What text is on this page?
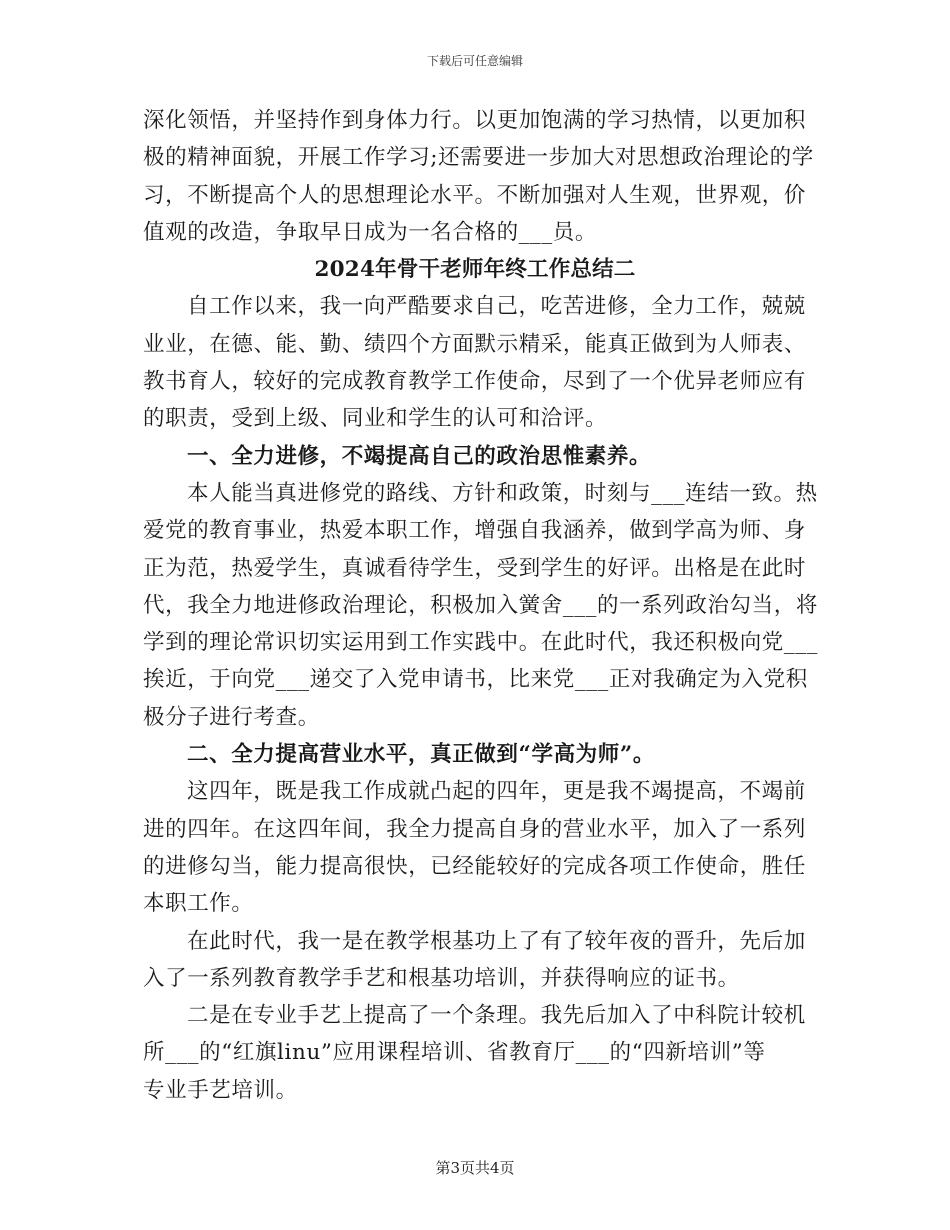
下载后可任意编辑
深化领悟，并坚持作到身体力行。以更加饱满的学习热情，以更加积
极的精神面貌，开展工作学习;还需要进一步加大对思想政治理论的学
习，不断提高个人的思想理论水平。不断加强对人生观，世界观，价
值观的改造，争取早日成为一名合格的___员。
2024年骨干老师年终工作总结二
自工作以来，我一向严酷要求自己，吃苦进修，全力工作，兢兢
业业，在德、能、勤、绩四个方面默示精采，能真正做到为人师表、
教书育人，较好的完成教育教学工作使命，尽到了一个优异老师应有
的职责，受到上级、同业和学生的认可和洽评。
一、全力进修，不竭提高自己的政治思惟素养。
本人能当真进修党的路线、方针和政策，时刻与___连结一致。热
爱党的教育事业，热爱本职工作，增强自我涵养，做到学高为师、身
正为范，热爱学生，真诚看待学生，受到学生的好评。出格是在此时
代，我全力地进修政治理论，积极加入黉舍___的一系列政治勾当，将
学到的理论常识切实运用到工作实践中。在此时代，我还积极向党___
挨近，于向党___递交了入党申请书，比来党___正对我确定为入党积
极分子进行考查。
二、全力提高营业水平，真正做到“学高为师”。
这四年，既是我工作成就凸起的四年，更是我不竭提高，不竭前
进的四年。在这四年间，我全力提高自身的营业水平，加入了一系列
的进修勾当，能力提高很快，已经能较好的完成各项工作使命，胜任
本职工作。
在此时代，我一是在教学根基功上了有了较年夜的晋升，先后加
入了一系列教育教学手艺和根基功培训，并获得响应的证书。
二是在专业手艺上提高了一个条理。我先后加入了中科院计较机
所___的“红旗linu”应用课程培训、省教育厅___的“四新培训”等
专业手艺培训。
第3页共4页
